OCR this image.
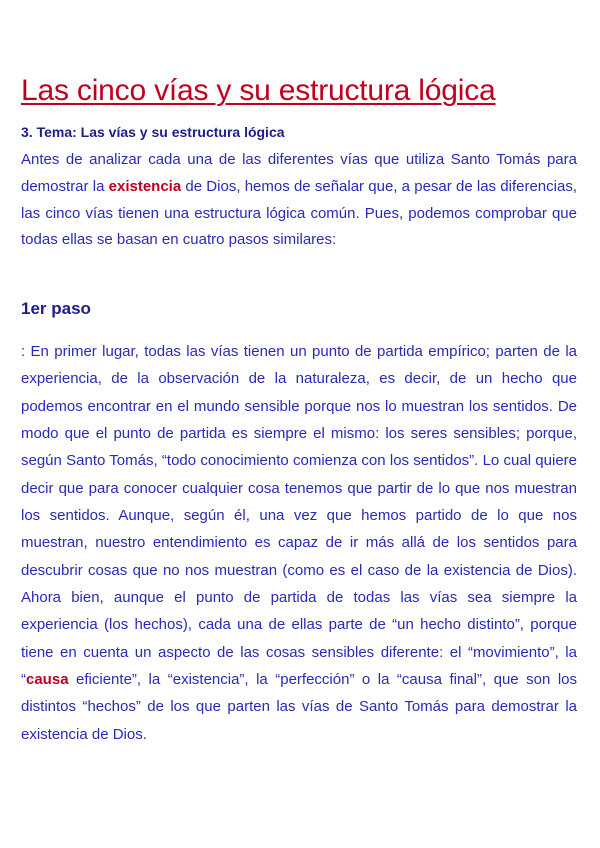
Las cinco vías y su estructura lógica
3. Tema: Las vías y su estructura lógica

Antes de analizar cada una de las diferentes vías que utiliza Santo Tomás para demostrar la existencia de Dios, hemos de señalar que, a pesar de las diferencias, las cinco vías tienen una estructura lógica común. Pues, podemos comprobar que todas ellas se basan en cuatro pasos similares:

1er paso

: En primer lugar, todas las vías tienen un punto de partida empírico; parten de la experiencia, de la observación de la naturaleza, es decir, de un hecho que podemos encontrar en el mundo sensible porque nos lo muestran los sentidos. De modo que el punto de partida es siempre el mismo: los seres sensibles; porque, según Santo Tomás, “todo conocimiento comienza con los sentidos”. Lo cual quiere decir que para conocer cualquier cosa tenemos que partir de lo que nos muestran los sentidos. Aunque, según él, una vez que hemos partido de lo que nos muestran, nuestro entendimiento es capaz de ir más allá de los sentidos para descubrir cosas que no nos muestran (como es el caso de la existencia de Dios). Ahora bien, aunque el punto de partida de todas las vías sea siempre la experiencia (los hechos), cada una de ellas parte de “un hecho distinto”, porque tiene en cuenta un aspecto de las cosas sensibles diferente: el “movimiento”, la “causa eficiente”, la “existencia”, la “perfección” o la “causa final”, que son los distintos “hechos” de los que parten las vías de Santo Tomás para demostrar la existencia de Dios.
